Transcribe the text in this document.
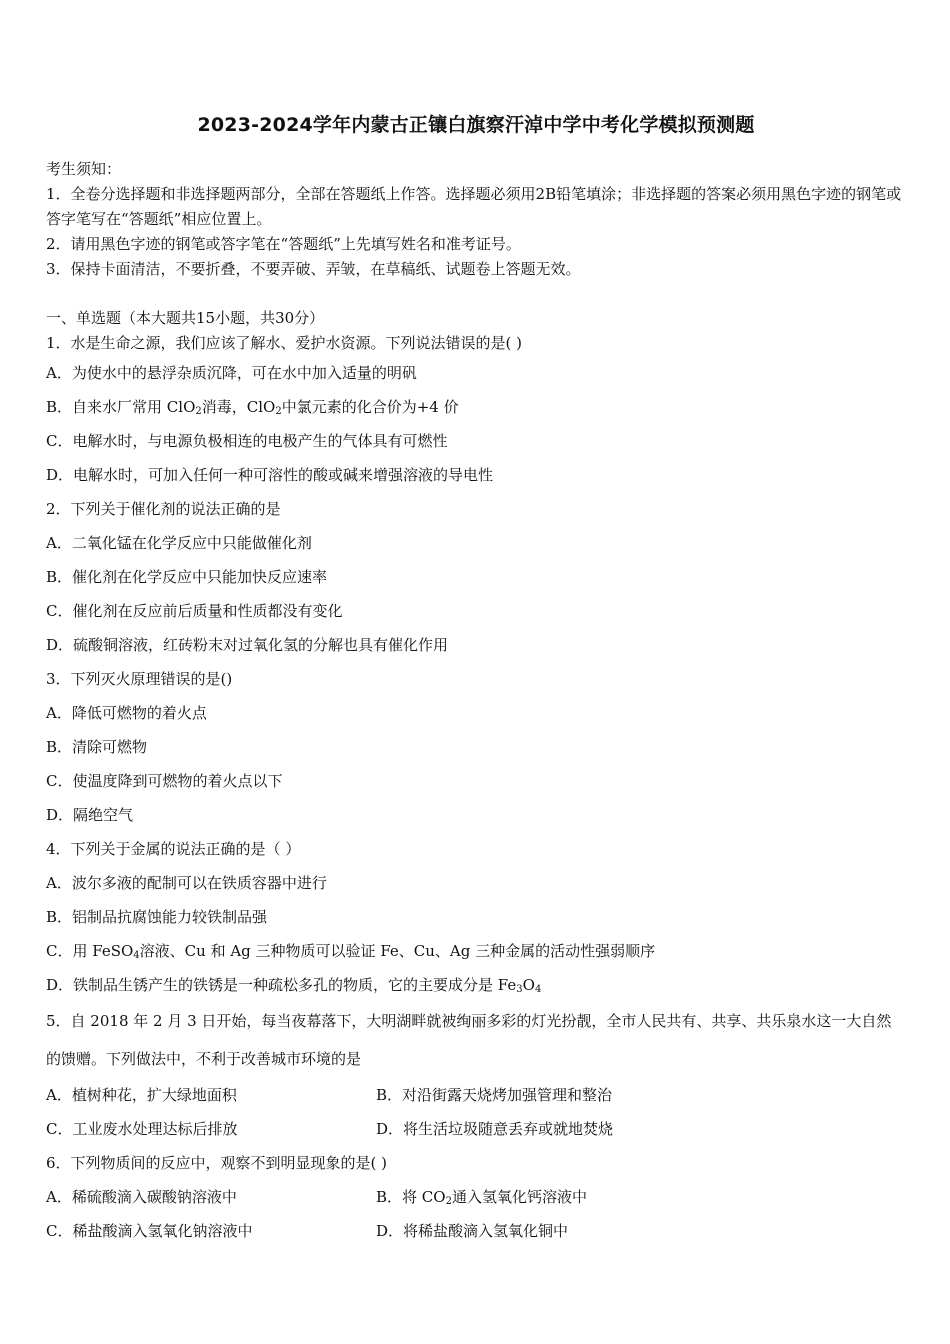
2023-2024学年内蒙古正镶白旗察汗淖中学中考化学模拟预测题

考生须知：

1．全卷分选择题和非选择题两部分，全部在答题纸上作答。选择题必须用2B铅笔填涂；非选择题的答案必须用黑色字迹的钢笔或答字笔写在“答题纸”相应位置上。

2．请用黑色字迹的钢笔或答字笔在“答题纸”上先填写姓名和准考证号。

3．保持卡面清洁，不要折叠，不要弄破、弄皱，在草稿纸、试题卷上答题无效。

一、单选题（本大题共15小题，共30分）

1．水是生命之源，我们应该了解水、爱护水资源。下列说法错误的是( )

A．为使水中的悬浮杂质沉降，可在水中加入适量的明矾

B．自来水厂常用 ClO$_2$消毒，ClO$_2$中氯元素的化合价为+4 价

C．电解水时，与电源负极相连的电极产生的气体具有可燃性

D．电解水时，可加入任何一种可溶性的酸或碱来增强溶液的导电性

2．下列关于催化剂的说法正确的是

A．二氧化锰在化学反应中只能做催化剂

B．催化剂在化学反应中只能加快反应速率

C．催化剂在反应前后质量和性质都没有变化

D．硫酸铜溶液，红砖粉末对过氧化氢的分解也具有催化作用

3．下列灭火原理错误的是()

A．降低可燃物的着火点

B．清除可燃物

C．使温度降到可燃物的着火点以下

D．隔绝空气

4．下列关于金属的说法正确的是（ ）

A．波尔多液的配制可以在铁质容器中进行

B．铝制品抗腐蚀能力较铁制品强

C．用 FeSO$_4$溶液、Cu 和 Ag 三种物质可以验证 Fe、Cu、Ag 三种金属的活动性强弱顺序

D．铁制品生锈产生的铁锈是一种疏松多孔的物质，它的主要成分是 $Fe_3O_4$

5．自 2018 年 2 月 3 日开始，每当夜幕落下，大明湖畔就被绚丽多彩的灯光扮靓，全市人民共有、共享、共乐泉水这一大自然的馈赠。下列做法中，不利于改善城市环境的是

A．植树种花，扩大绿地面积	B．对沿街露天烧烤加强管理和整治
C．工业废水处理达标后排放	D．将生活垃圾随意丢弃或就地焚烧

6．下列物质间的反应中，观察不到明显现象的是( )

A．稀硫酸滴入碳酸钠溶液中	B．将 $CO_2$通入氢氧化钙溶液中
C．稀盐酸滴入氢氧化钠溶液中	D．将稀盐酸滴入氢氧化铜中
